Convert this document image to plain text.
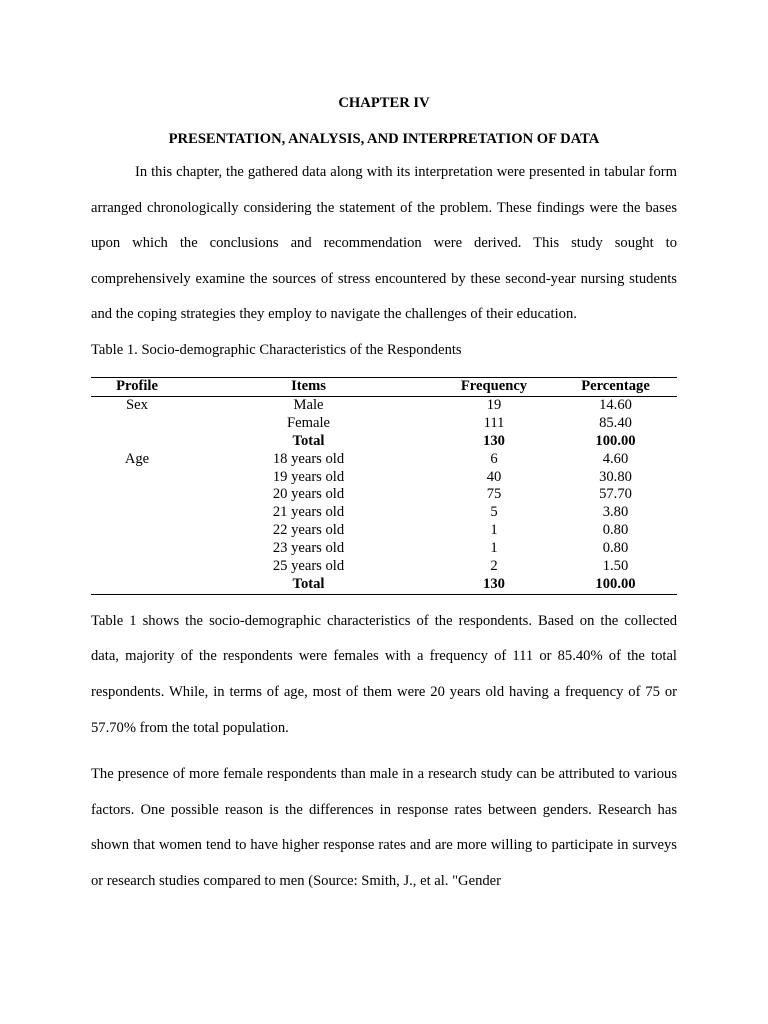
CHAPTER IV

PRESENTATION, ANALYSIS, AND INTERPRETATION OF DATA

In this chapter, the gathered data along with its interpretation were presented in tabular form arranged chronologically considering the statement of the problem. These findings were the bases upon which the conclusions and recommendation were derived. This study sought to comprehensively examine the sources of stress encountered by these second-year nursing students and the coping strategies they employ to navigate the challenges of their education.

Table 1. Socio-demographic Characteristics of the Respondents

Profile	Items	Frequency	Percentage
Sex	Male	19	14.60
	Female	111	85.40
	Total	130	100.00
Age	18 years old	6	4.60
	19 years old	40	30.80
	20 years old	75	57.70
	21 years old	5	3.80
	22 years old	1	0.80
	23 years old	1	0.80
	25 years old	2	1.50
	Total	130	100.00

Table 1 shows the socio-demographic characteristics of the respondents. Based on the collected data, majority of the respondents were females with a frequency of 111 or 85.40% of the total respondents. While, in terms of age, most of them were 20 years old having a frequency of 75 or 57.70% from the total population.

The presence of more female respondents than male in a research study can be attributed to various factors. One possible reason is the differences in response rates between genders. Research has shown that women tend to have higher response rates and are more willing to participate in surveys or research studies compared to men (Source: Smith, J., et al. "Gender
